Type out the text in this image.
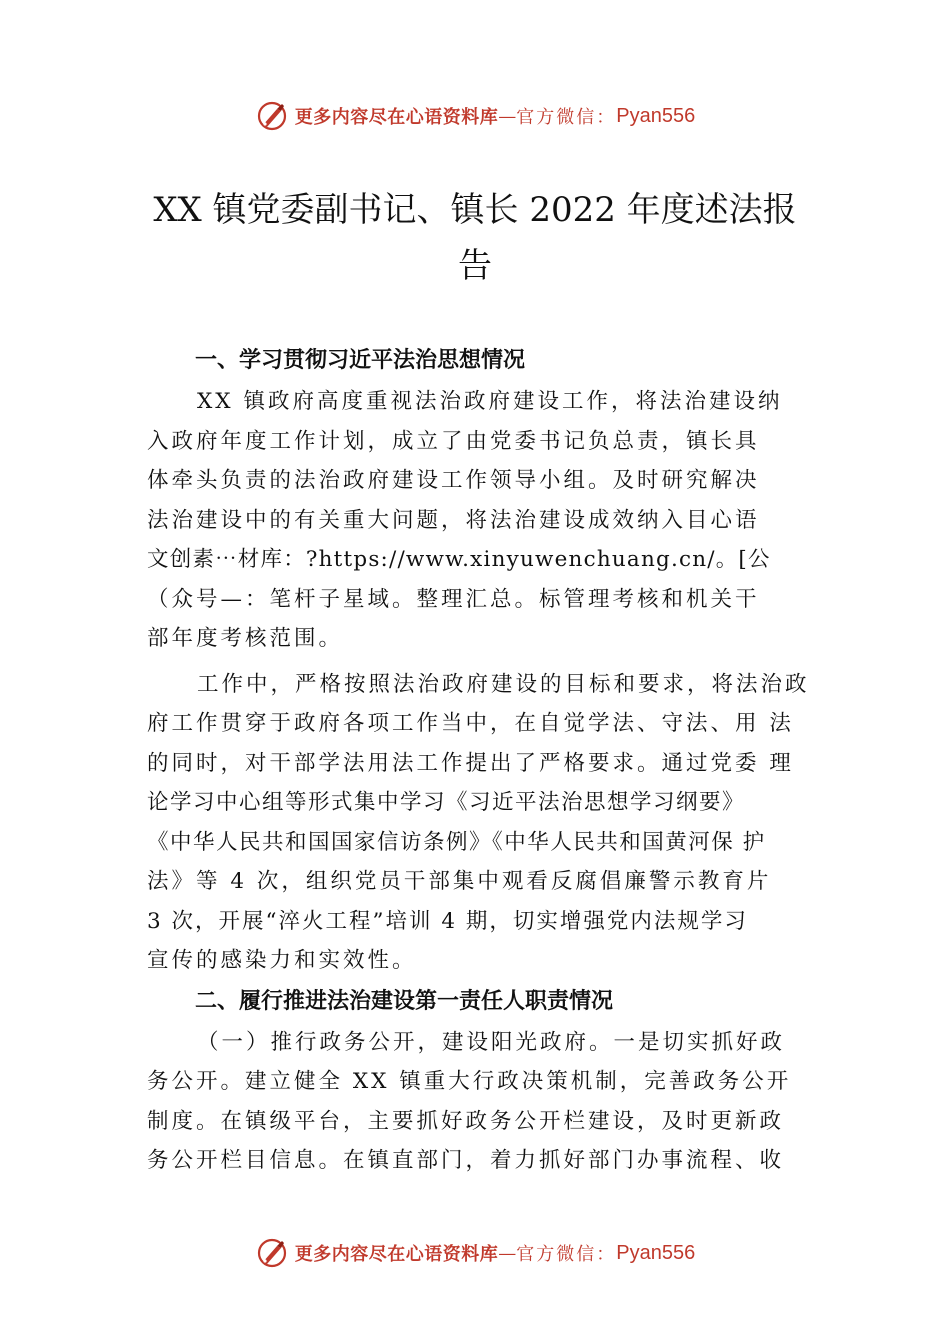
更多内容尽在心语资料库 — 官方微信： Pyan556
XX 镇党委副书记、镇长 2022 年度述法报
告
一、学习贯彻习近平法治思想情况

XX 镇政府高度重视法治政府建设工作，将法治建设纳

入政府年度工作计划，成立了由党委书记负总责，镇长具

体牵头负责的法治政府建设工作领导小组。及时研究解决

法治建设中的有关重大问题，将法治建设成效纳入目心语

文创素⋯材库：?https://www.xinyuwenchuang.cn/。[公

（众号—：笔杆子星域。整理汇总。标管理考核和机关干

部年度考核范围。

工作中，严格按照法治政府建设的目标和要求，将法治政

府工作贯穿于政府各项工作当中，在自觉学法、守法、用 法

的同时，对干部学法用法工作提出了严格要求。通过党委 理

论学习中心组等形式集中学习《习近平法治思想学习纲要》

《中华人民共和国国家信访条例》《中华人民共和国黄河保 护

法》等 4 次，组织党员干部集中观看反腐倡廉警示教育片

3 次，开展“淬火工程”培训 4 期，切实增强党内法规学习

宣传的感染力和实效性。

二、履行推进法治建设第一责任人职责情况

（一）推行政务公开，建设阳光政府。一是切实抓好政

务公开。建立健全 XX 镇重大行政决策机制，完善政务公开

制度。在镇级平台，主要抓好政务公开栏建设，及时更新政

务公开栏目信息。在镇直部门，着力抓好部门办事流程、收

更多内容尽在心语资料库 — 官方微信： Pyan556
